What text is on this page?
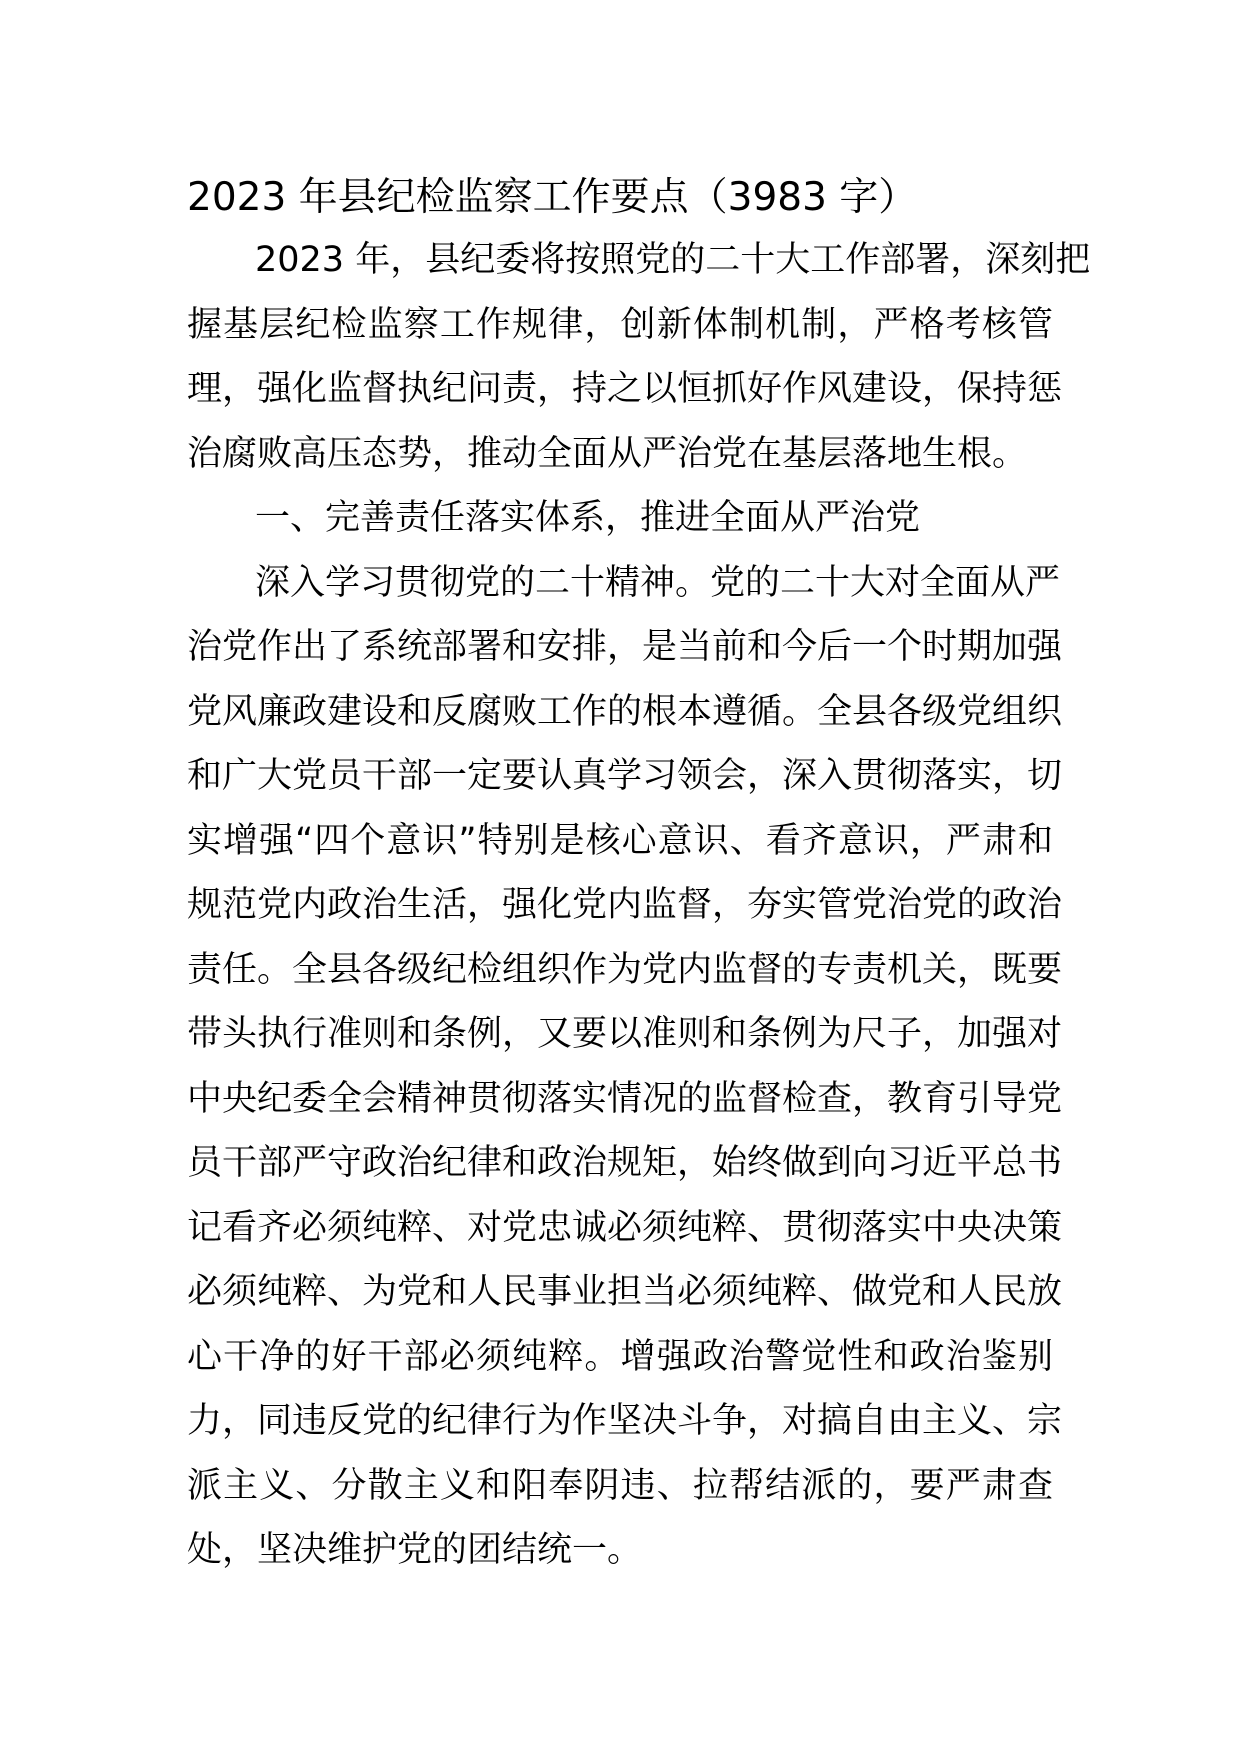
2023 年县纪检监察工作要点（3983 字）
2023 年，县纪委将按照党的二十大工作部署，深刻把
握基层纪检监察工作规律，创新体制机制，严格考核管
理，强化监督执纪问责，持之以恒抓好作风建设，保持惩
治腐败高压态势，推动全面从严治党在基层落地生根。
一、完善责任落实体系，推进全面从严治党
深入学习贯彻党的二十精神。党的二十大对全面从严
治党作出了系统部署和安排，是当前和今后一个时期加强
党风廉政建设和反腐败工作的根本遵循。全县各级党组织
和广大党员干部一定要认真学习领会，深入贯彻落实，切
实增强“四个意识”特别是核心意识、看齐意识，严肃和
规范党内政治生活，强化党内监督，夯实管党治党的政治
责任。全县各级纪检组织作为党内监督的专责机关，既要
带头执行准则和条例，又要以准则和条例为尺子，加强对
中央纪委全会精神贯彻落实情况的监督检查，教育引导党
员干部严守政治纪律和政治规矩，始终做到向习近平总书
记看齐必须纯粹、对党忠诚必须纯粹、贯彻落实中央决策
必须纯粹、为党和人民事业担当必须纯粹、做党和人民放
心干净的好干部必须纯粹。增强政治警觉性和政治鉴别
力，同违反党的纪律行为作坚决斗争，对搞自由主义、宗
派主义、分散主义和阳奉阴违、拉帮结派的，要严肃查
处，坚决维护党的团结统一。
